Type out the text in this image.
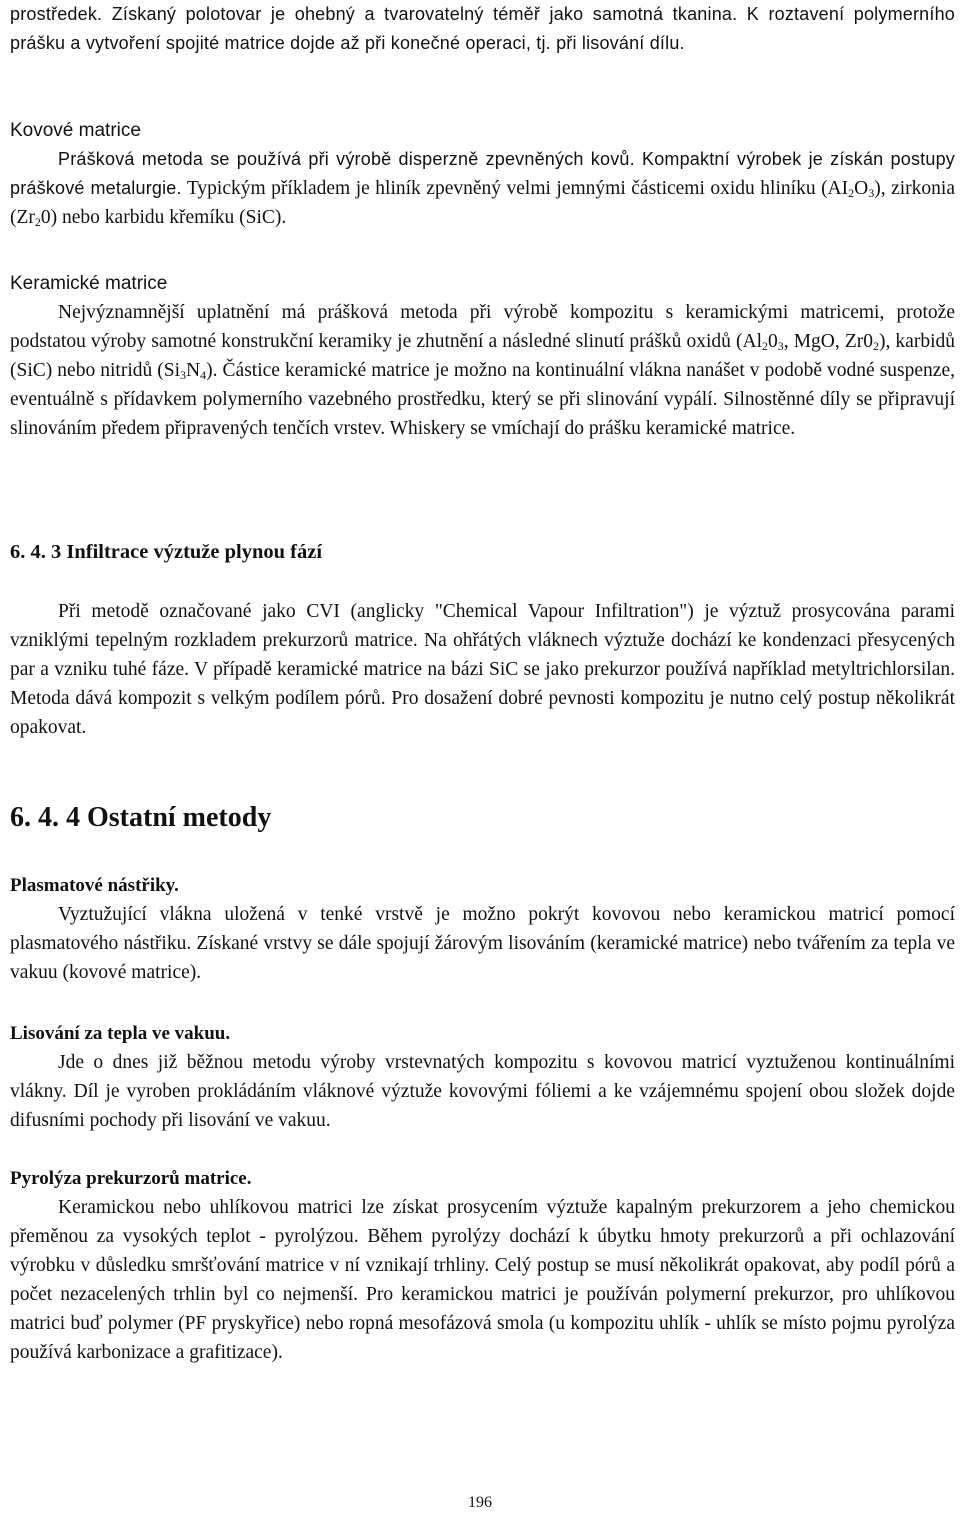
prostředek. Získaný polotovar je ohebný a tvarovatelný téměř jako samotná tkanina. K roztavení polymerního prášku a vytvoření spojité matrice dojde až při konečné operaci, tj. při lisování dílu.

Kovové matrice

Prášková metoda se používá při výrobě disperzně zpevněných kovů. Kompaktní výrobek je získán postupy práškové metalurgie. Typickým příkladem je hliník zpevněný velmi jemnými částicemi oxidu hliníku $(AI_2O_3)$, zirkonia $(Zr_20)$ nebo karbidu křemíku (SiC).

Keramické matrice

Nejvýznamnější uplatnění má prášková metoda při výrobě kompozitu s keramickými matricemi, protože podstatou výroby samotné konstrukční keramiky je zhutnění a následné slinutí prášků oxidů ($Al_20_3$, MgO, $Zr0_2$), karbidů (SiC) nebo nitridů $(Si_3N_4)$. Částice keramické matrice je možno na kontinuální vlákna nanášet v podobě vodné suspenze, eventuálně s přídavkem polymerního vazebného prostředku, který se při slinování vypálí. Silnostěnné díly se připravují slinováním předem připravených tenčích vrstev. Whiskery se vmíchají do prášku keramické matrice.

6. 4. 3 Infiltrace výztuže plynou fází

Při metodě označované jako CVI (anglicky "Chemical Vapour Infiltration") je výztuž prosycována parami vzniklými tepelným rozkladem prekurzorů matrice. Na ohřátých vláknech výztuže dochází ke kondenzaci přesycených par a vzniku tuhé fáze. V případě keramické matrice na bázi SiC se jako prekurzor používá například metyltrichlorsilan. Metoda dává kompozit s velkým podílem pórů. Pro dosažení dobré pevnosti kompozitu je nutno celý postup několikrát opakovat.

6. 4. 4 Ostatní metody
Plasmatové nástřiky.

Vyztužující vlákna uložená v tenké vrstvě je možno pokrýt kovovou nebo keramickou matricí pomocí plasmatového nástřiku. Získané vrstvy se dále spojují žárovým lisováním (keramické matrice) nebo tvářením za tepla ve vakuu (kovové matrice).

Lisování za tepla ve vakuu.

Jde o dnes již běžnou metodu výroby vrstevnatých kompozitu s kovovou matricí vyztuženou kontinuálními vlákny. Díl je vyroben prokládáním vláknové výztuže kovovými fóliemi a ke vzájemnému spojení obou složek dojde difusními pochody při lisování ve vakuu.

Pyrolýza prekurzorů matrice.

Keramickou nebo uhlíkovou matrici lze získat prosycením výztuže kapalným prekurzorem a jeho chemickou přeměnou za vysokých teplot - pyrolýzou. Během pyrolýzy dochází k úbytku hmoty prekurzorů a při ochlazování výrobku v důsledku smršťování matrice v ní vznikají trhliny. Celý postup se musí několikrát opakovat, aby podíl pórů a počet nezacelených trhlin byl co nejmenší. Pro keramickou matrici je používán polymerní prekurzor, pro uhlíkovou matrici buď polymer (PF pryskyřice) nebo ropná mesofázová smola (u kompozitu uhlík - uhlík se místo pojmu pyrolýza používá karbonizace a grafitizace).

196
